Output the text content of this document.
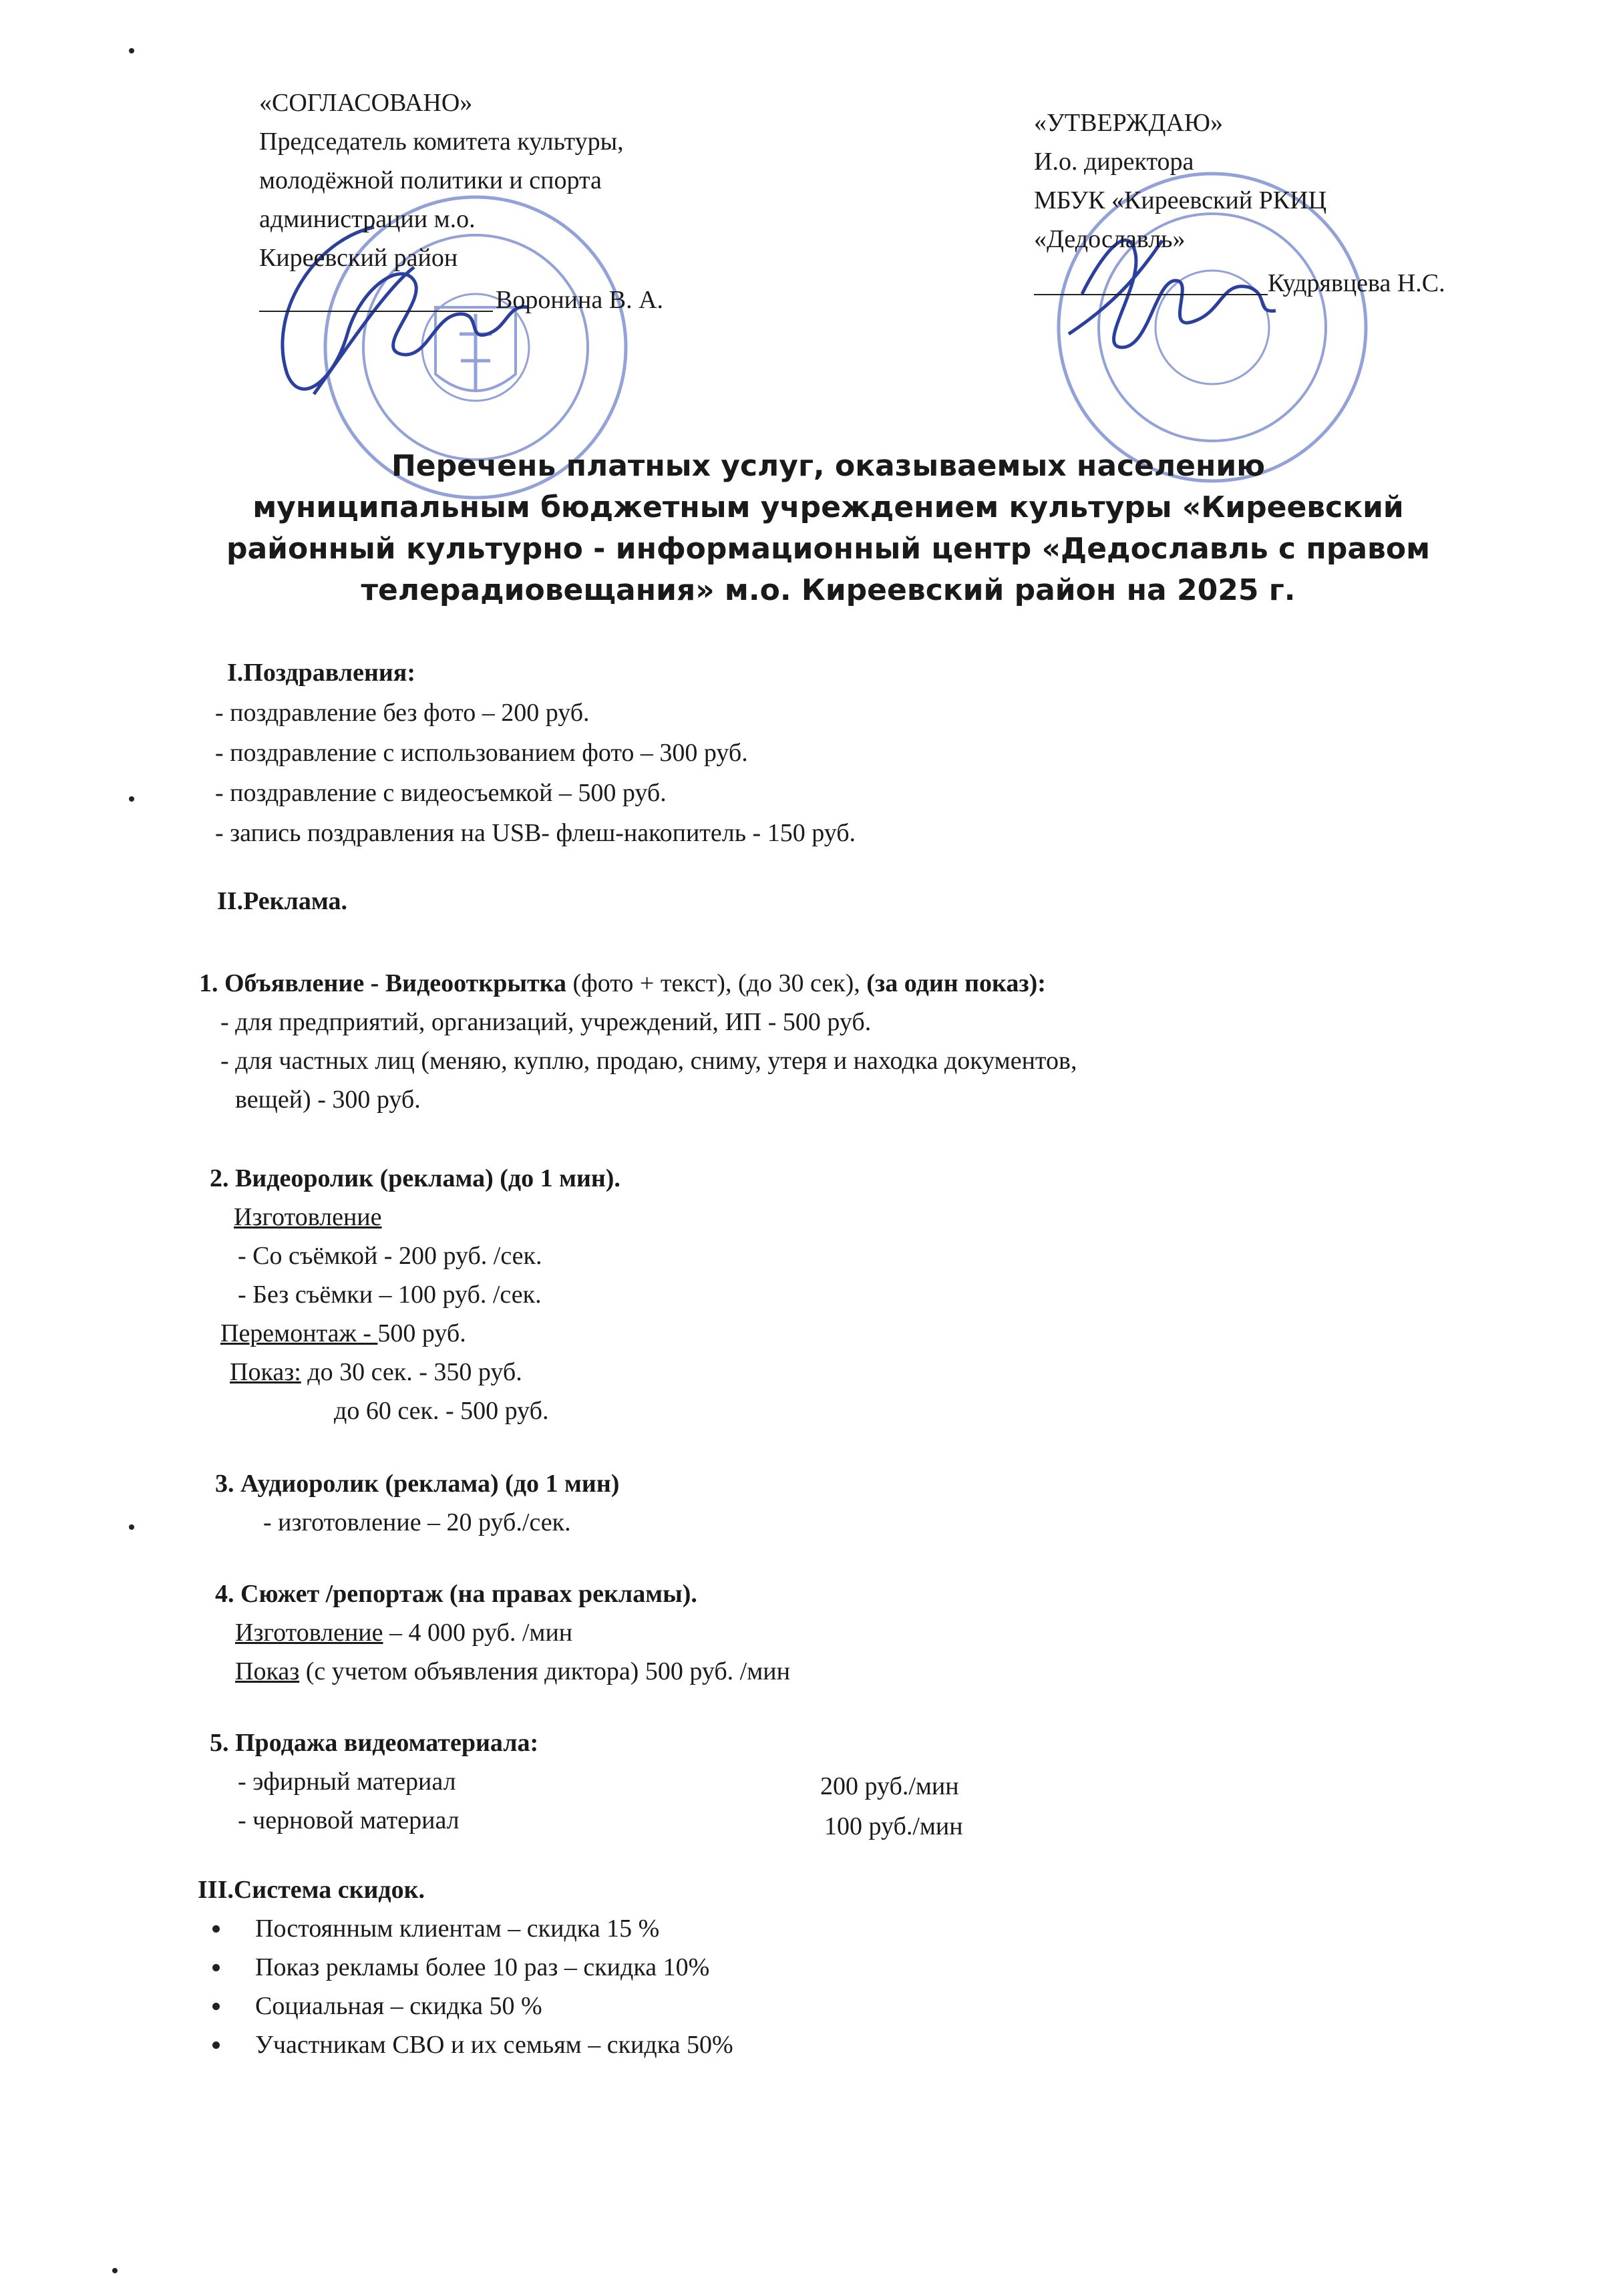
«СОГЛАСОВАНО»
Председатель комитета культуры,
молодёжной политики и спорта
администрации м.о.
Киреевский район
Воронина В. А.
«УТВЕРЖДАЮ»
И.о. директора
МБУК «Киреевский РКИЦ
«Дедославль»
Кудрявцева Н.С.
Перечень платных услуг, оказываемых населению
муниципальным бюджетным учреждением культуры «Киреевский
районный культурно - информационный центр «Дедославль с правом
телерадиовещания» м.о. Киреевский район на 2025 г.
I.Поздравления:
- поздравление без фото – 200 руб.
- поздравление с использованием фото – 300 руб.
- поздравление с видеосъемкой – 500 руб.
- запись поздравления на USB- флеш-накопитель - 150 руб.
II.Реклама.
1. Объявление - Видеооткрытка (фото + текст), (до 30 сек), (за один показ):
- для предприятий, организаций, учреждений, ИП - 500 руб.
- для частных лиц (меняю, куплю, продаю, сниму, утеря и находка документов,
вещей) - 300 руб.
2. Видеоролик (реклама) (до 1 мин).
Изготовление
- Со съёмкой - 200 руб. /сек.
- Без съёмки – 100 руб. /сек.
Перемонтаж - 500 руб.
Показ: до 30 сек. - 350 руб.
до 60 сек. - 500 руб.
3. Аудиоролик (реклама) (до 1 мин)
- изготовление – 20 руб./сек.
4. Сюжет /репортаж (на правах рекламы).
Изготовление – 4 000 руб. /мин
Показ (с учетом объявления диктора) 500 руб. /мин
5. Продажа видеоматериала:
- эфирный материал	200 руб./мин
- черновой материал	100 руб./мин
III.Система скидок.
Постоянным клиентам – скидка 15 %
Показ рекламы более 10 раз – скидка 10%
Социальная – скидка 50 %
Участникам СВО и их семьям – скидка 50%
